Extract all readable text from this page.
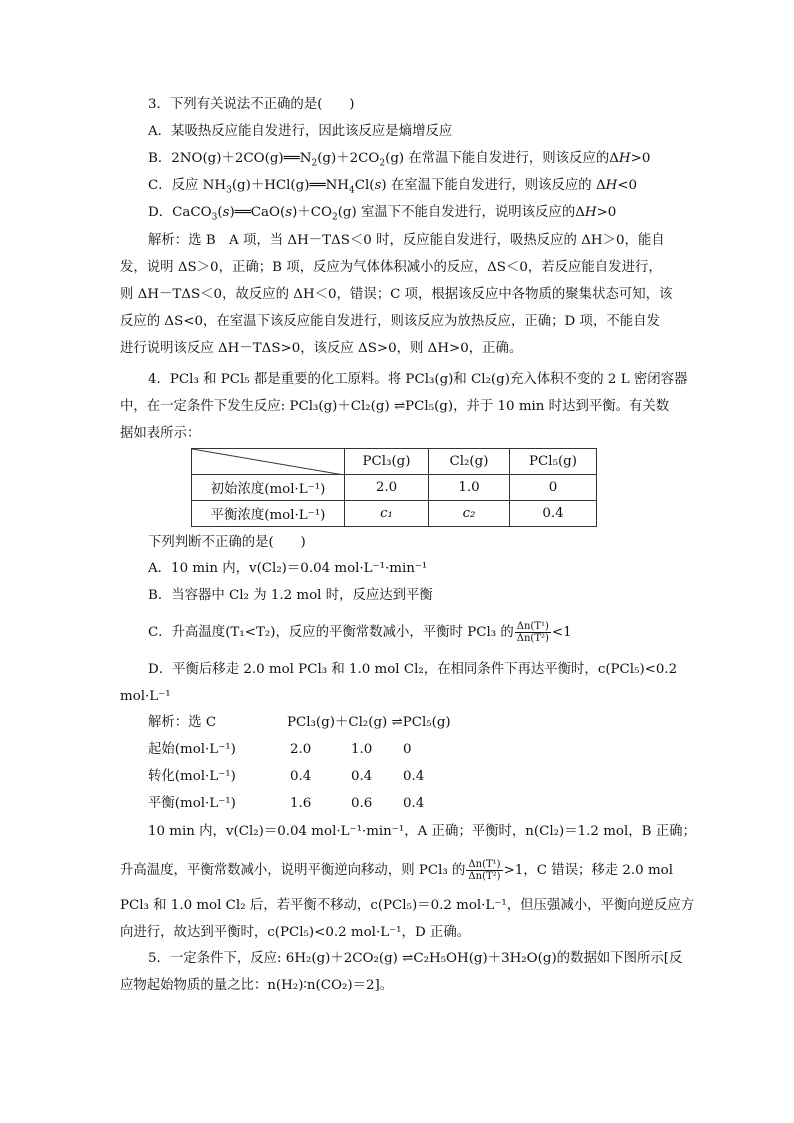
3．下列有关说法不正确的是(　　)
A．某吸热反应能自发进行，因此该反应是熵增反应
B．$2NO(g)+2CO(g)══N_2(g)+2CO_2(g)$ 在常温下能自发进行，则该反应的ΔH>0
C．反应 $NH_3(g)+HCl(g)══NH_4Cl(s)$ 在室温下能自发进行，则该反应的 ΔH<0
D．$CaCO_3(s)══CaO(s)+CO_2(g)$ 室温下不能自发进行，说明该反应的ΔH>0
解析：选 B　A 项，当 ΔH－TΔS＜0 时，反应能自发进行，吸热反应的 ΔH＞0，能自
发，说明 ΔS＞0，正确；B 项，反应为气体体积减小的反应，ΔS＜0，若反应能自发进行，
则 ΔH－TΔS＜0，故反应的 ΔH＜0，错误；C 项，根据该反应中各物质的聚集状态可知，该
反应的 ΔS<0，在室温下该反应能自发进行，则该反应为放热反应，正确；D 项，不能自发
进行说明该反应 ΔH－TΔS>0，该反应 ΔS>0，则 ΔH>0，正确。
4．PCl₃ 和 PCl₅ 都是重要的化工原料。将 PCl₃(g)和 Cl₂(g)充入体积不变的 2 L 密闭容器
中，在一定条件下发生反应: PCl₃(g)＋Cl₂(g) ⇌PCl₅(g)，并于 10 min 时达到平衡。有关数
据如表所示：
	PCl₃(g)	Cl₂(g)	PCl₅(g)
初始浓度(mol·L⁻¹)	2.0	1.0	0
平衡浓度(mol·L⁻¹)	c₁	c₂	0.4
下列判断不正确的是(　　)
A．10 min 内，v(Cl₂)＝0.04 mol·L⁻¹·min⁻¹
B．当容器中 Cl₂ 为 1.2 mol 时，反应达到平衡
C．升高温度(T₁<T₂)，反应的平衡常数减小，平衡时 PCl₃ 的 $\frac{\text{Δn(T¹)}}{\text{Δn(T²)}} <1$
D．平衡后移走 2.0 mol PCl₃ 和 1.0 mol Cl₂，在相同条件下再达平衡时，c(PCl₅)<0.2
mol·L⁻¹
解析：选 C	PCl₃(g)＋Cl₂(g) ⇌PCl₅(g)
起始(mol·L⁻¹)	2.0	1.0 0
转化(mol·L⁻¹)	0.4	0.4 0.4
平衡(mol·L⁻¹)	1.6	0.6 0.4
10 min 内，v(Cl₂)＝0.04 mol·L⁻¹·min⁻¹，A 正确；平衡时，n(Cl₂)＝1.2 mol，B 正确；
升高温度，平衡常数减小，说明平衡逆向移动，则 PCl₃ 的 $\frac{\text{Δn(T¹)}}{\text{Δn(T²)}} >1$，C 错误；移走 2.0 mol
PCl₃ 和 1.0 mol Cl₂ 后，若平衡不移动，c(PCl₅)＝0.2 mol·L⁻¹，但压强减小，平衡向逆反应方
向进行，故达到平衡时，c(PCl₅)<0.2 mol·L⁻¹，D 正确。
5．一定条件下，反应: 6H₂(g)＋2CO₂(g) ⇌C₂H₅OH(g)＋3H₂O(g)的数据如下图所示[反
应物起始物质的量之比：n(H₂)∶n(CO₂)＝2]。
